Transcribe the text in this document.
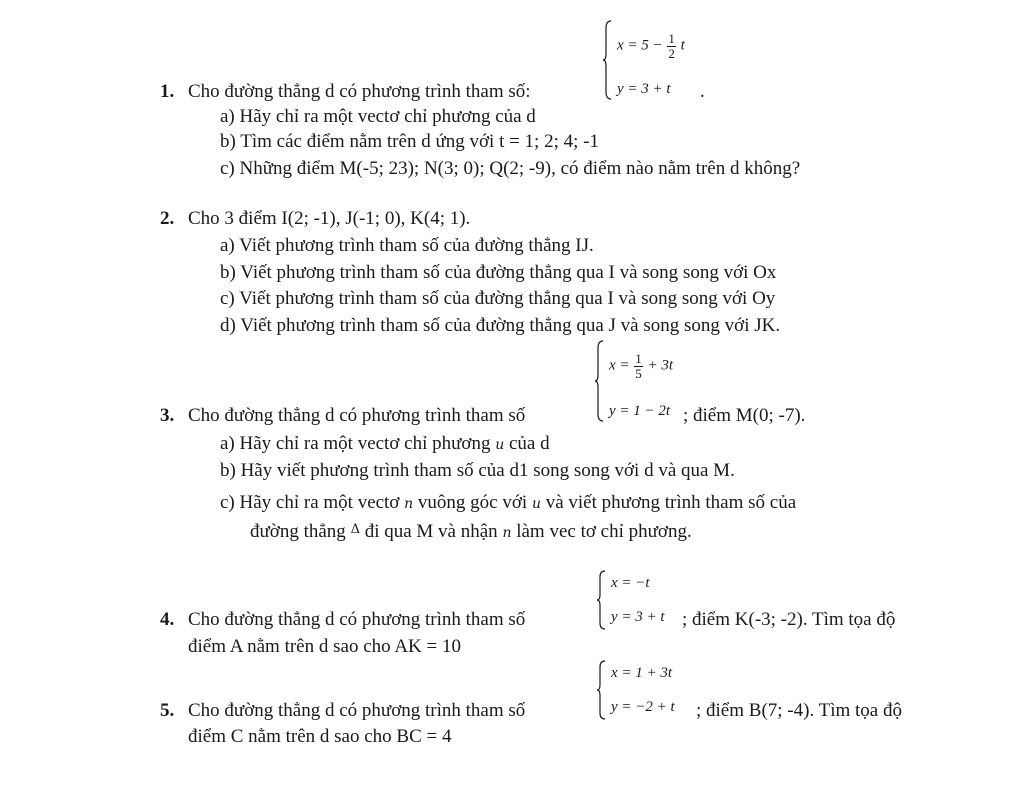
1. Cho đường thẳng d có phương trình tham số:
$x = 5 - \frac{1}{2}$ t
y = 3 + t .
a) Hãy chỉ ra một vectơ chỉ phương của d
b) Tìm các điểm nằm trên d ứng với t = 1; 2; 4; -1
c) Những điểm M(-5; 23); N(3; 0); Q(2; -9), có điểm nào nằm trên d không?
2. Cho 3 điểm I(2; -1), J(-1; 0), K(4; 1).
a) Viết phương trình tham số của đường thẳng IJ.
b) Viết phương trình tham số của đường thẳng qua I và song song với Ox
c) Viết phương trình tham số của đường thẳng qua I và song song với Oy
d) Viết phương trình tham số của đường thẳng qua J và song song với JK.
$x = \frac{1}{5} + 3t$
y = 1 − 2t
3. Cho đường thẳng d có phương trình tham số	; điểm M(0; -7).
a) Hãy chỉ ra một vectơ chỉ phương u của d
b) Hãy viết phương trình tham số của d1 song song với d và qua M.
c) Hãy chỉ ra một vectơ n vuông góc với u và viết phương trình tham số của
đường thẳng $^\Delta$ đi qua M và nhận n làm vec tơ chỉ phương.
x = −t
y = 3 + t
4. Cho đường thẳng d có phương trình tham số	; điểm K(-3; -2). Tìm tọa độ
điểm A nằm trên d sao cho AK = 10
x = 1 + 3t
y = −2 + t
5. Cho đường thẳng d có phương trình tham số	; điểm B(7; -4). Tìm tọa độ
điểm C nằm trên d sao cho BC = 4
